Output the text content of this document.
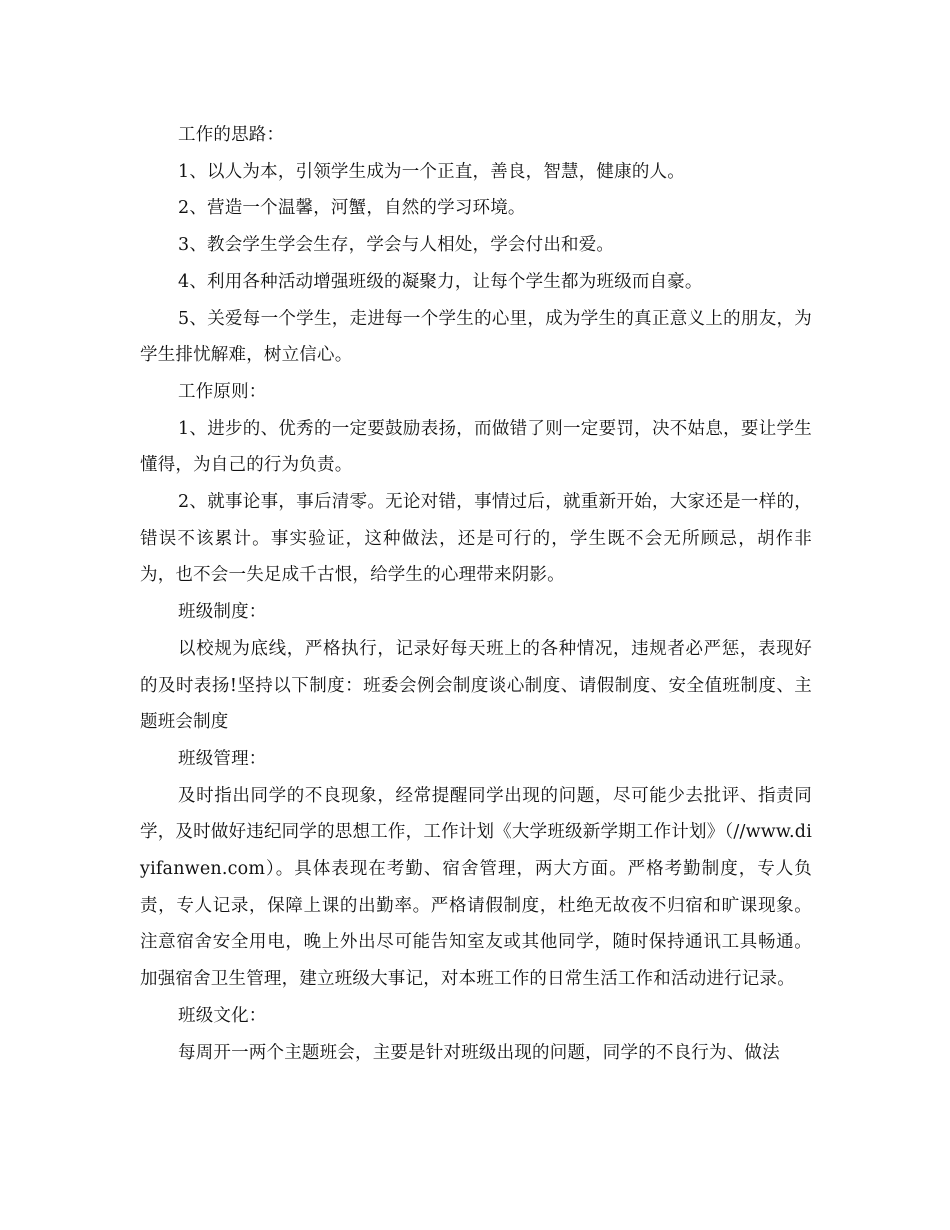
工作的思路：

1、以人为本，引领学生成为一个正直，善良，智慧，健康的人。

2、营造一个温馨，河蟹，自然的学习环境。

3、教会学生学会生存，学会与人相处，学会付出和爱。

4、利用各种活动增强班级的凝聚力，让每个学生都为班级而自豪。

5、关爱每一个学生，走进每一个学生的心里，成为学生的真正意义上的朋友，为学生排忧解难，树立信心。

工作原则：

1、进步的、优秀的一定要鼓励表扬，而做错了则一定要罚，决不姑息，要让学生懂得，为自己的行为负责。

2、就事论事，事后清零。无论对错，事情过后，就重新开始，大家还是一样的，错误不该累计。事实验证，这种做法，还是可行的，学生既不会无所顾忌，胡作非为，也不会一失足成千古恨，给学生的心理带来阴影。

班级制度：

以校规为底线，严格执行，记录好每天班上的各种情况，违规者必严惩，表现好的及时表扬!坚持以下制度：班委会例会制度谈心制度、请假制度、安全值班制度、主题班会制度

班级管理：

及时指出同学的不良现象，经常提醒同学出现的问题，尽可能少去批评、指责同学，及时做好违纪同学的思想工作，工作计划《大学班级新学期工作计划》（//www.diyifanwen.com）。具体表现在考勤、宿舍管理，两大方面。严格考勤制度，专人负责，专人记录，保障上课的出勤率。严格请假制度，杜绝无故夜不归宿和旷课现象。注意宿舍安全用电，晚上外出尽可能告知室友或其他同学，随时保持通讯工具畅通。加强宿舍卫生管理，建立班级大事记，对本班工作的日常生活工作和活动进行记录。

班级文化：

每周开一两个主题班会，主要是针对班级出现的问题，同学的不良行为、做法
